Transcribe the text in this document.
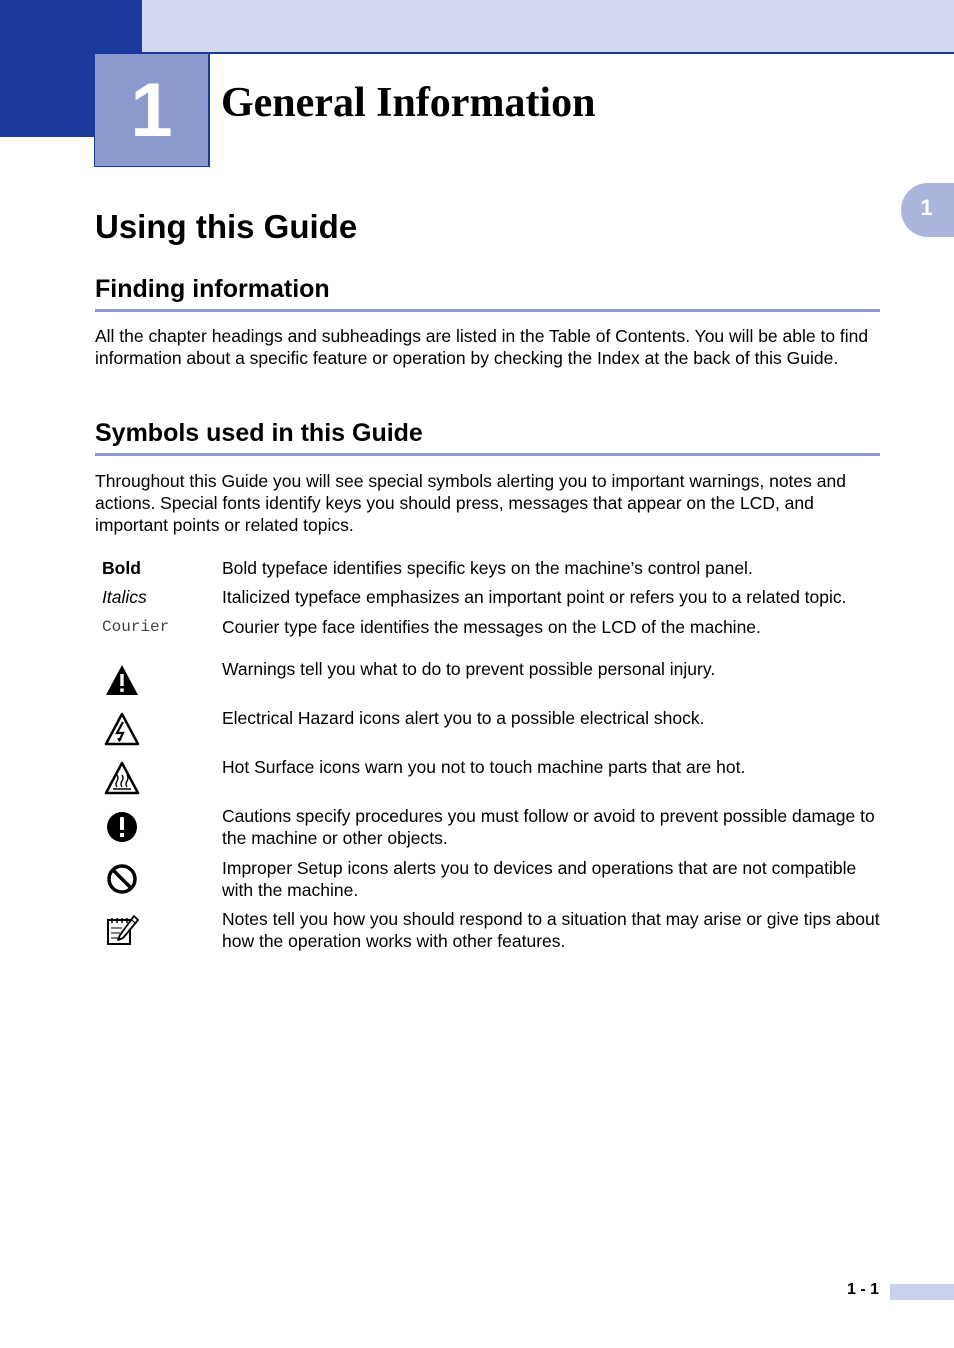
1	General Information
1
Using this Guide
Finding information

All the chapter headings and subheadings are listed in the Table of Contents. You will be able to find information about a specific feature or operation by checking the Index at the back of this Guide.

Symbols used in this Guide

Throughout this Guide you will see special symbols alerting you to important warnings, notes and actions. Special fonts identify keys you should press, messages that appear on the LCD, and important points or related topics.

Bold	Bold typeface identifies specific keys on the machine’s control panel.
Italics	Italicized typeface emphasizes an important point or refers you to a related topic.
Courier	Courier type face identifies the messages on the LCD of the machine.
Warnings tell you what to do to prevent possible personal injury.
Electrical Hazard icons alert you to a possible electrical shock.
Hot Surface icons warn you not to touch machine parts that are hot.
Cautions specify procedures you must follow or avoid to prevent possible damage to the machine or other objects.
Improper Setup icons alerts you to devices and operations that are not compatible with the machine.
Notes tell you how you should respond to a situation that may arise or give tips about how the operation works with other features.
1 - 1
